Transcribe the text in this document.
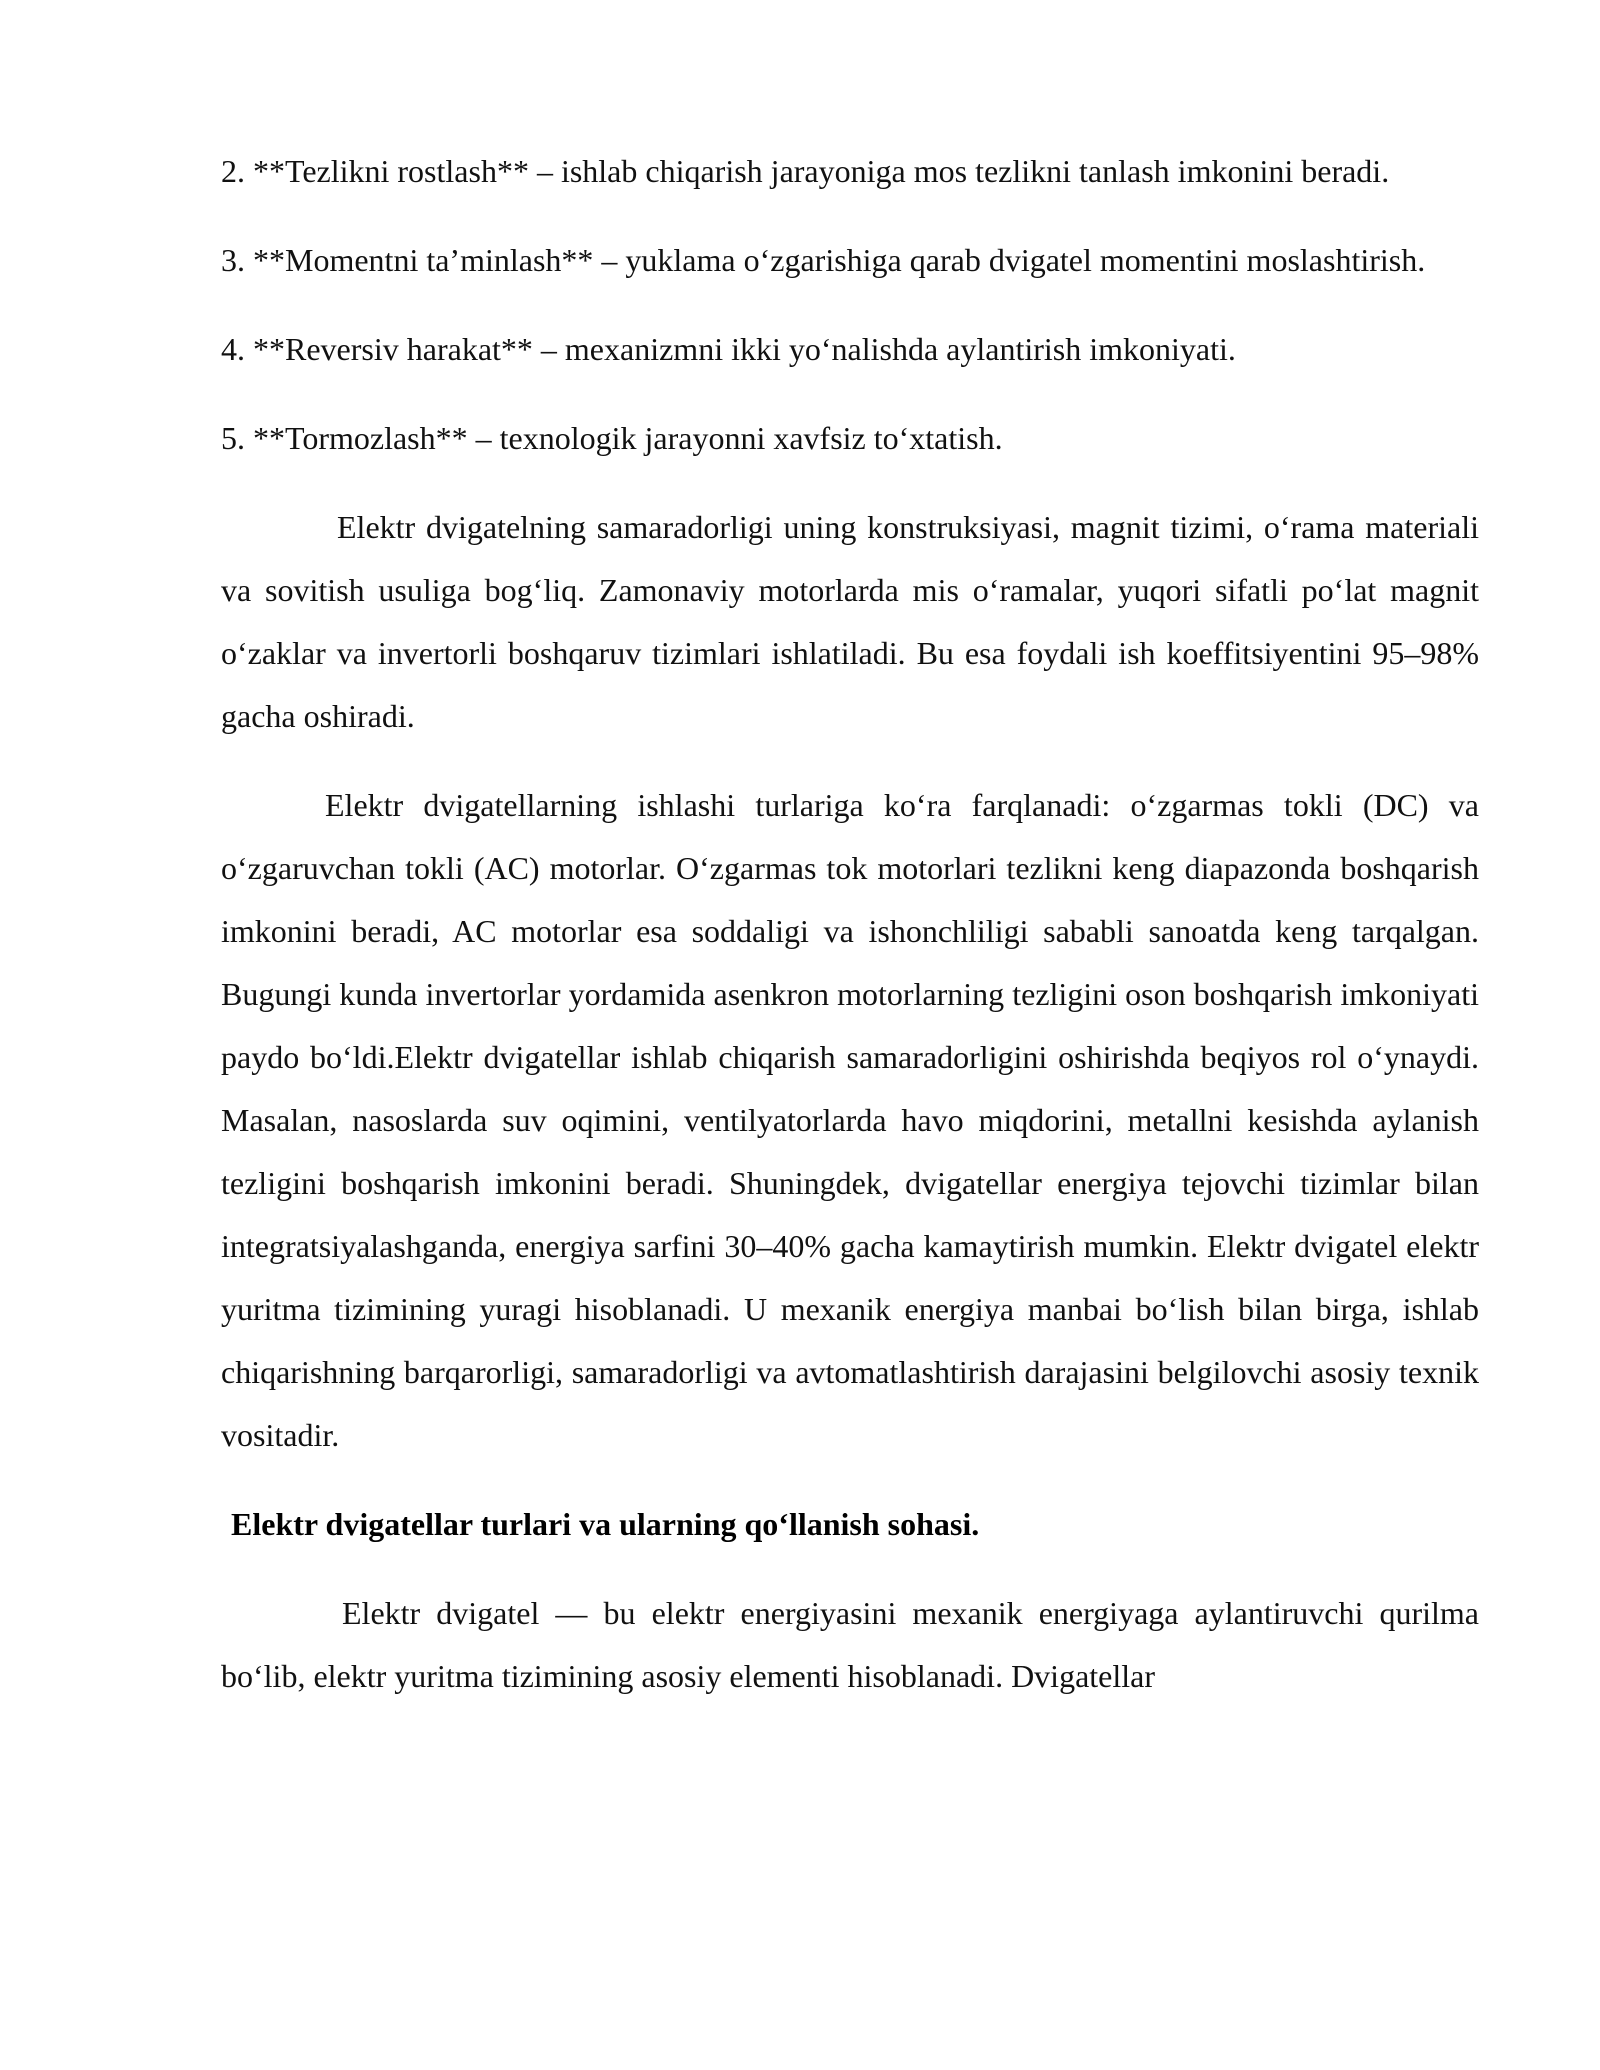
2. **Tezlikni rostlash** – ishlab chiqarish jarayoniga mos tezlikni tanlash imkonini beradi.

3. **Momentni ta’minlash** – yuklama o‘zgarishiga qarab dvigatel momentini moslashtirish.

4. **Reversiv harakat** – mexanizmni ikki yo‘nalishda aylantirish imkoniyati.

5. **Tormozlash** – texnologik jarayonni xavfsiz to‘xtatish.

Elektr dvigatelning samaradorligi uning konstruksiyasi, magnit tizimi, o‘rama materiali va sovitish usuliga bog‘liq. Zamonaviy motorlarda mis o‘ramalar, yuqori sifatli po‘lat magnit o‘zaklar va invertorli boshqaruv tizimlari ishlatiladi. Bu esa foydali ish koeffitsiyentini 95–98% gacha oshiradi.

Elektr dvigatellarning ishlashi turlariga ko‘ra farqlanadi: o‘zgarmas tokli (DC) va o‘zgaruvchan tokli (AC) motorlar. O‘zgarmas tok motorlari tezlikni keng diapazonda boshqarish imkonini beradi, AC motorlar esa soddaligi va ishonchliligi sababli sanoatda keng tarqalgan. Bugungi kunda invertorlar yordamida asenkron motorlarning tezligini oson boshqarish imkoniyati paydo bo‘ldi.Elektr dvigatellar ishlab chiqarish samaradorligini oshirishda beqiyos rol o‘ynaydi. Masalan, nasoslarda suv oqimini, ventilyatorlarda havo miqdorini, metallni kesishda aylanish tezligini boshqarish imkonini beradi. Shuningdek, dvigatellar energiya tejovchi tizimlar bilan integratsiyalashganda, energiya sarfini 30–40% gacha kamaytirish mumkin. Elektr dvigatel elektr yuritma tizimining yuragi hisoblanadi. U mexanik energiya manbai bo‘lish bilan birga, ishlab chiqarishning barqarorligi, samaradorligi va avtomatlashtirish darajasini belgilovchi asosiy texnik vositadir.

Elektr dvigatellar turlari va ularning qo‘llanish sohasi.

Elektr dvigatel — bu elektr energiyasini mexanik energiyaga aylantiruvchi qurilma bo‘lib, elektr yuritma tizimining asosiy elementi hisoblanadi. Dvigatellar
